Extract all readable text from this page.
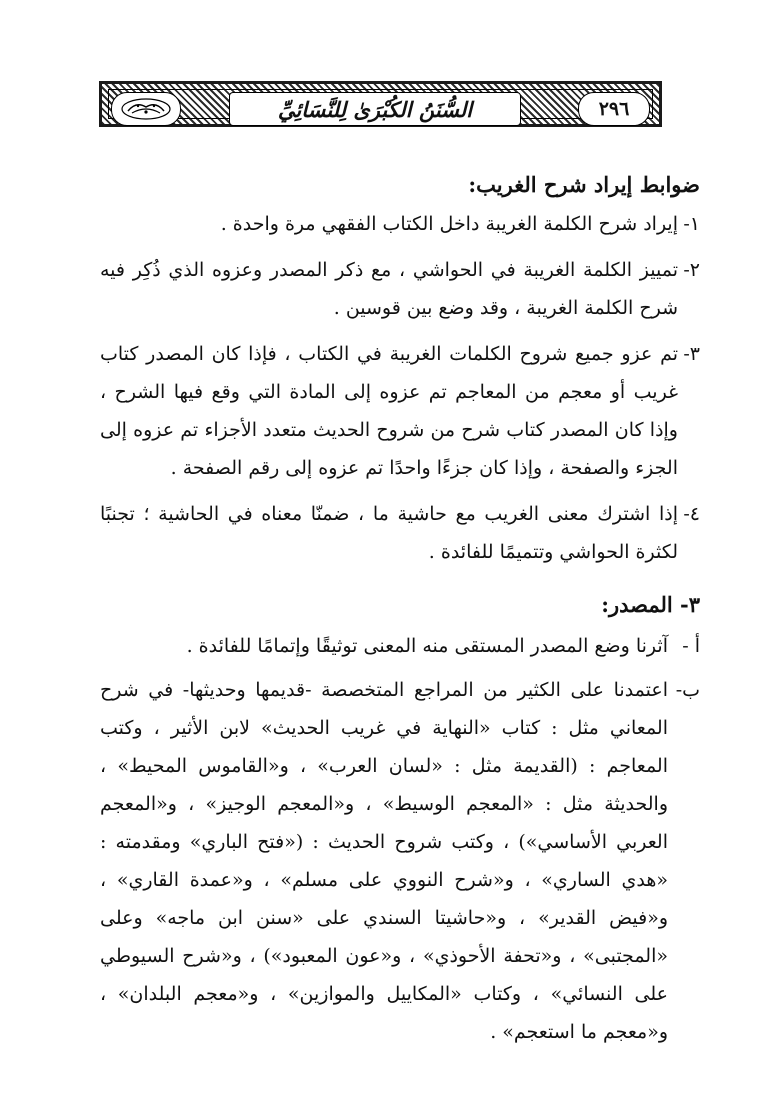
السُّنَنُ الكُبْرَىٰ لِلنَّسَائِيِّ	٢٩٦

ضوابط إيراد شرح الغريب:

١-
إيراد شرح الكلمة الغريبة داخل الكتاب الفقهي مرة واحدة .
٢-
تمييز الكلمة الغريبة في الحواشي ، مع ذكر المصدر وعزوه الذي ذُكِر فيه شرح الكلمة الغريبة ، وقد وضع بين قوسين .
٣-
تم عزو جميع شروح الكلمات الغريبة في الكتاب ، فإذا كان المصدر كتاب غريب أو معجم من المعاجم تم عزوه إلى المادة التي وقع فيها الشرح ، وإذا كان المصدر كتاب شرح من شروح الحديث متعدد الأجزاء تم عزوه إلى الجزء والصفحة ، وإذا كان جزءًا واحدًا تم عزوه إلى رقم الصفحة .
٤-
إذا اشترك معنى الغريب مع حاشية ما ، ضمنّا معناه في الحاشية ؛ تجنبًا لكثرة الحواشي وتتميمًا للفائدة .

٣- المصدر:

أ -
آثرنا وضع المصدر المستقى منه المعنى توثيقًا وإتمامًا للفائدة .
ب-
اعتمدنا على الكثير من المراجع المتخصصة -قديمها وحديثها- في شرح المعاني مثل : كتاب «النهاية في غريب الحديث» لابن الأثير ، وكتب المعاجم : (القديمة مثل : «لسان العرب» ، و«القاموس المحيط» ، والحديثة مثل : «المعجم الوسيط» ، و«المعجم الوجيز» ، و«المعجم العربي الأساسي») ، وكتب شروح الحديث : («فتح الباري» ومقدمته : «هدي الساري» ، و«شرح النووي على مسلم» ، و«عمدة القاري» ، و«فيض القدير» ، و«حاشيتا السندي على «سنن ابن ماجه» وعلى «المجتبى» ، و«تحفة الأحوذي» ، و«عون المعبود») ، و«شرح السيوطي على النسائي» ، وكتاب «المكاييل والموازين» ، و«معجم البلدان» ، و«معجم ما استعجم» .
